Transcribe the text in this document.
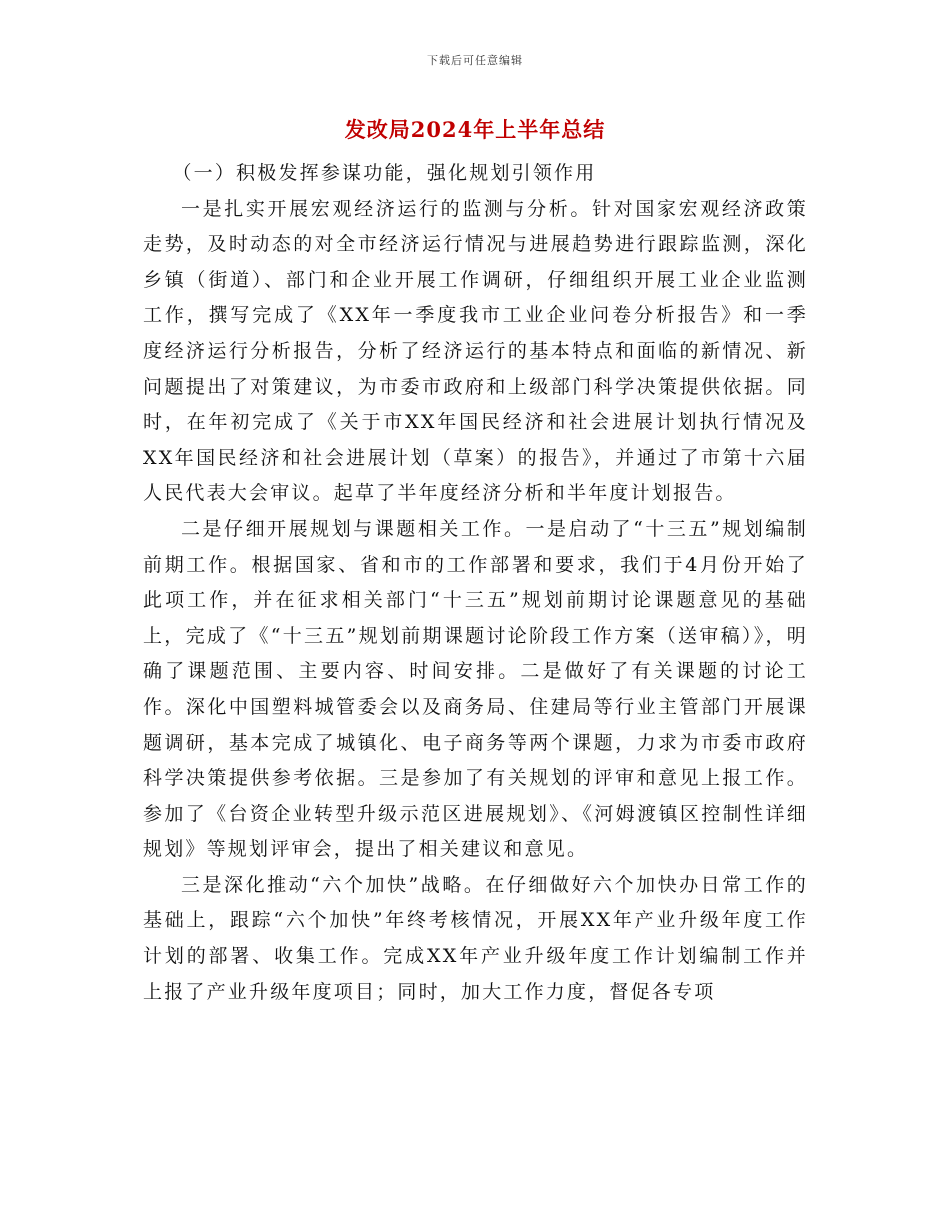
下载后可任意编辑
发改局2024年上半年总结

（一）积极发挥参谋功能，强化规划引领作用

一是扎实开展宏观经济运行的监测与分析。针对国家宏观经济政策走势，及时动态的对全市经济运行情况与进展趋势进行跟踪监测，深化乡镇（街道）、部门和企业开展工作调研，仔细组织开展工业企业监测工作，撰写完成了《XX年一季度我市工业企业问卷分析报告》和一季度经济运行分析报告，分析了经济运行的基本特点和面临的新情况、新问题提出了对策建议，为市委市政府和上级部门科学决策提供依据。同时，在年初完成了《关于市XX年国民经济和社会进展计划执行情况及XX年国民经济和社会进展计划（草案）的报告》，并通过了市第十六届人民代表大会审议。起草了半年度经济分析和半年度计划报告。

二是仔细开展规划与课题相关工作。一是启动了“十三五”规划编制前期工作。根据国家、省和市的工作部署和要求，我们于4月份开始了此项工作，并在征求相关部门“十三五”规划前期讨论课题意见的基础上，完成了《“十三五”规划前期课题讨论阶段工作方案（送审稿）》，明确了课题范围、主要内容、时间安排。二是做好了有关课题的讨论工作。深化中国塑料城管委会以及商务局、住建局等行业主管部门开展课题调研，基本完成了城镇化、电子商务等两个课题，力求为市委市政府科学决策提供参考依据。三是参加了有关规划的评审和意见上报工作。参加了《台资企业转型升级示范区进展规划》、《河姆渡镇区控制性详细规划》等规划评审会，提出了相关建议和意见。

三是深化推动“六个加快”战略。在仔细做好六个加快办日常工作的基础上，跟踪“六个加快”年终考核情况，开展XX年产业升级年度工作计划的部署、收集工作。完成XX年产业升级年度工作计划编制工作并上报了产业升级年度项目；同时，加大工作力度，督促各专项
